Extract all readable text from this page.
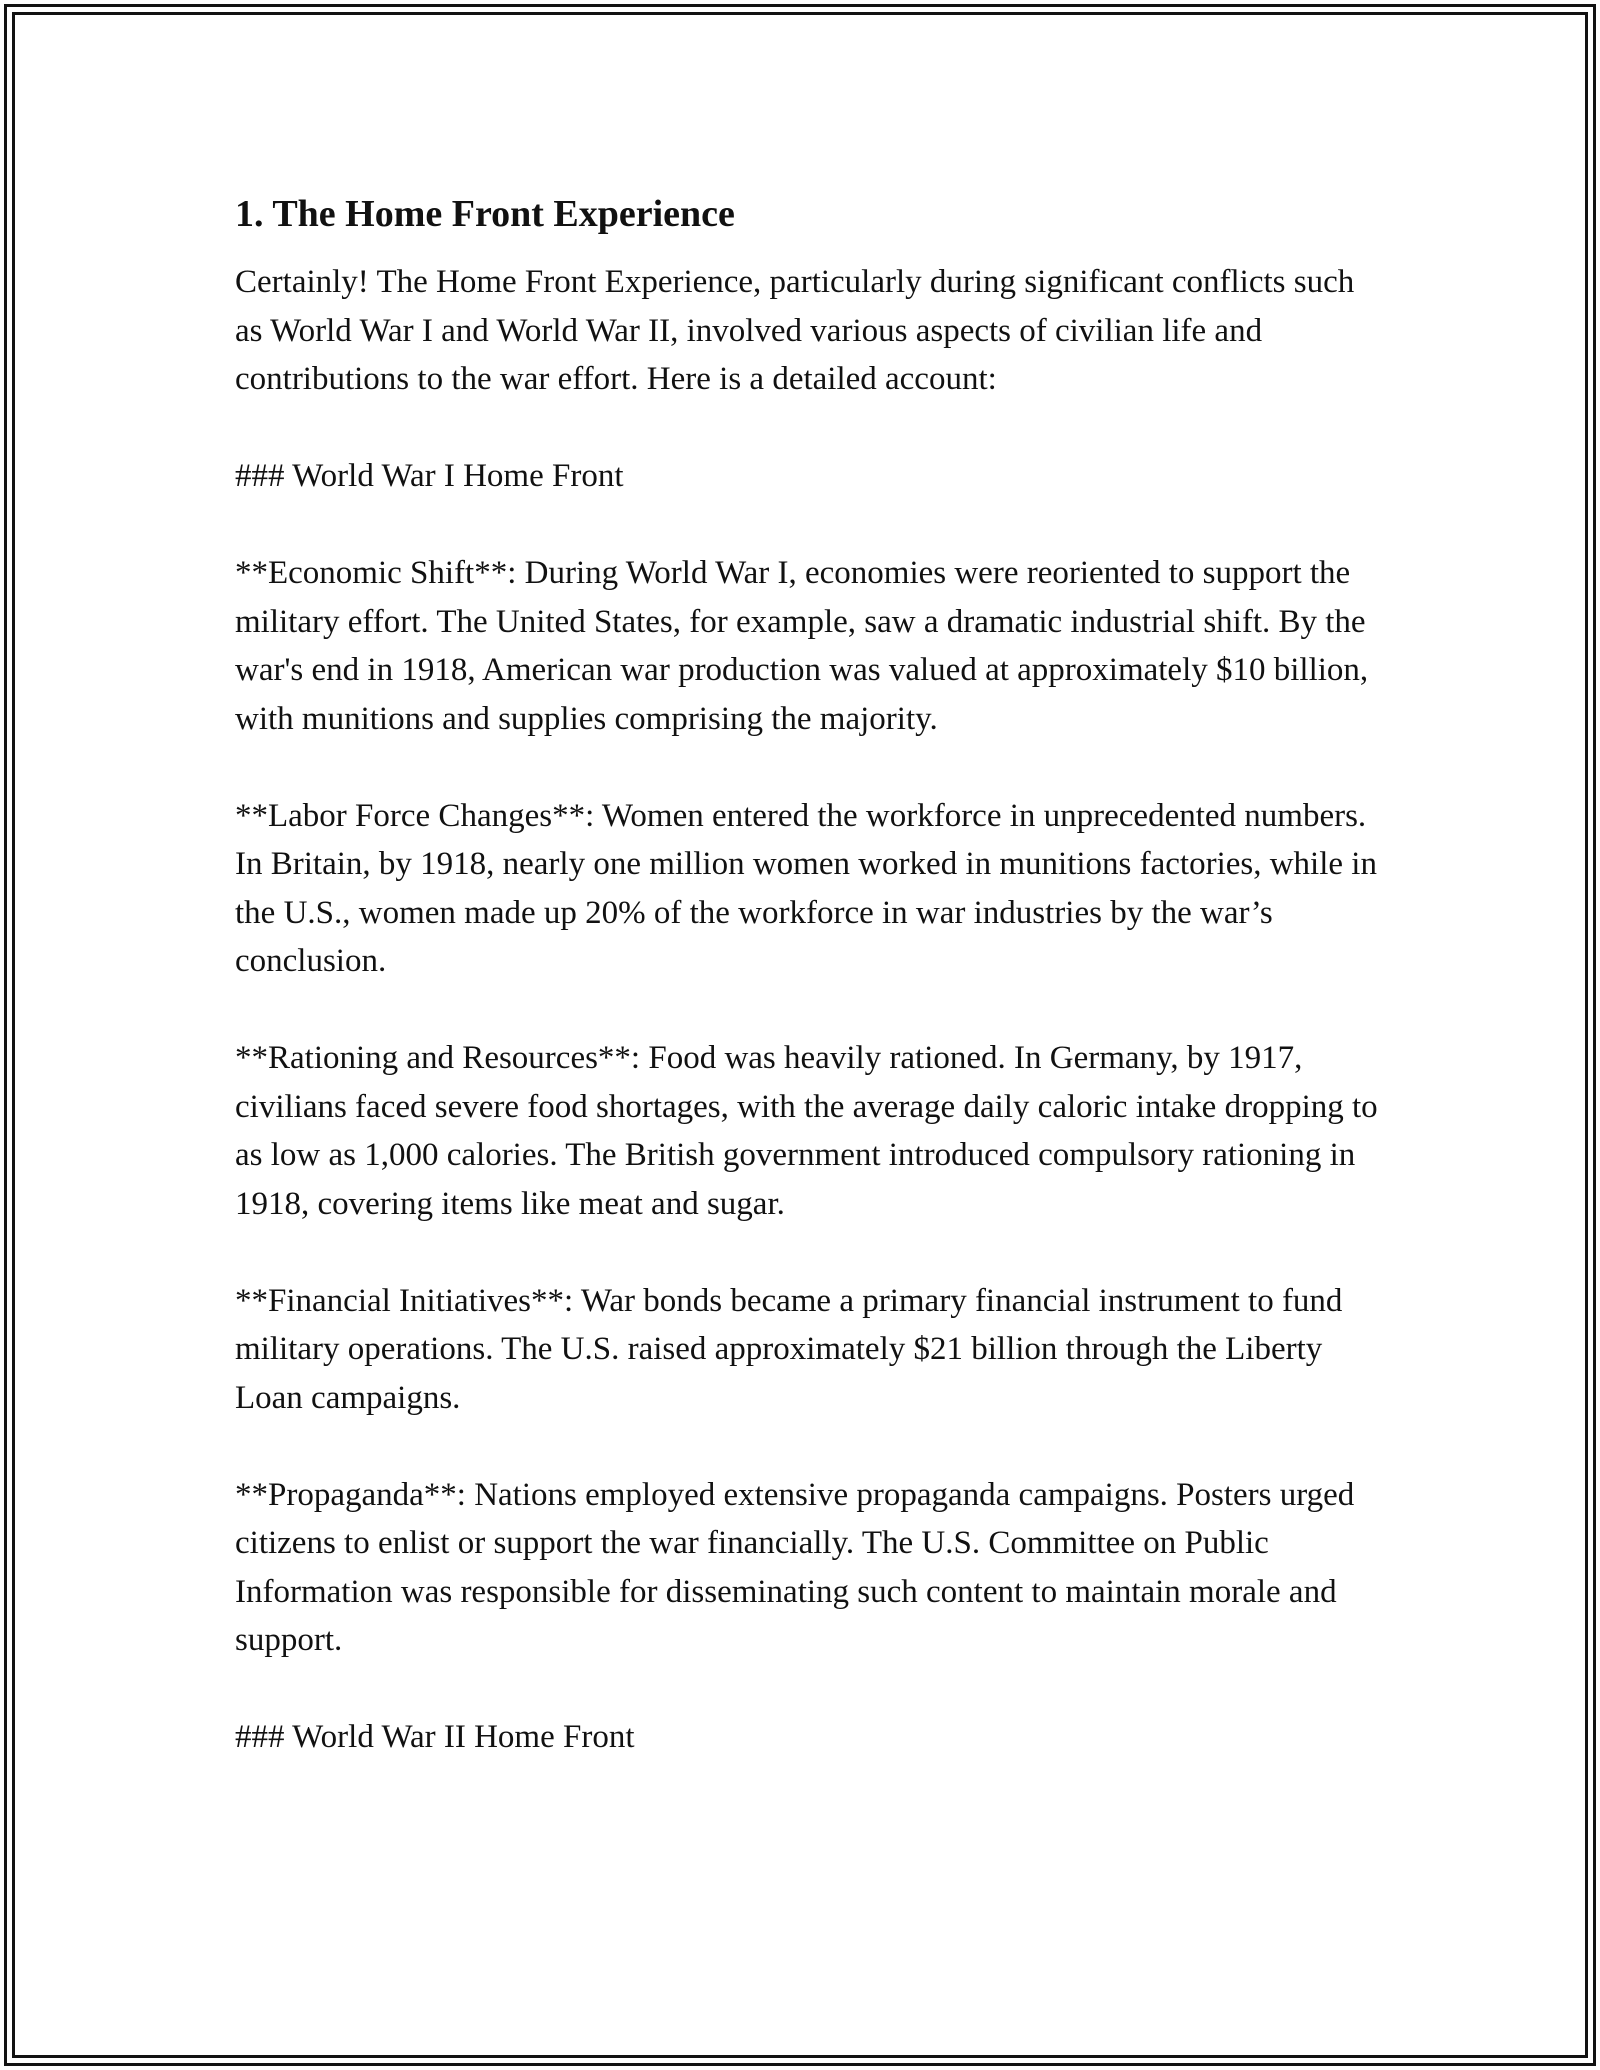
1. The Home Front Experience

Certainly! The Home Front Experience, particularly during significant conflicts such as World War I and World War II, involved various aspects of civilian life and contributions to the war effort. Here is a detailed account:

### World War I Home Front

**Economic Shift**: During World War I, economies were reoriented to support the military effort. The United States, for example, saw a dramatic industrial shift. By the war's end in 1918, American war production was valued at approximately $10 billion, with munitions and supplies comprising the majority.

**Labor Force Changes**: Women entered the workforce in unprecedented numbers. In Britain, by 1918, nearly one million women worked in munitions factories, while in the U.S., women made up 20% of the workforce in war industries by the war’s conclusion.

**Rationing and Resources**: Food was heavily rationed. In Germany, by 1917, civilians faced severe food shortages, with the average daily caloric intake dropping to as low as 1,000 calories. The British government introduced compulsory rationing in 1918, covering items like meat and sugar.

**Financial Initiatives**: War bonds became a primary financial instrument to fund military operations. The U.S. raised approximately $21 billion through the Liberty Loan campaigns.

**Propaganda**: Nations employed extensive propaganda campaigns. Posters urged citizens to enlist or support the war financially. The U.S. Committee on Public Information was responsible for disseminating such content to maintain morale and support.

### World War II Home Front
